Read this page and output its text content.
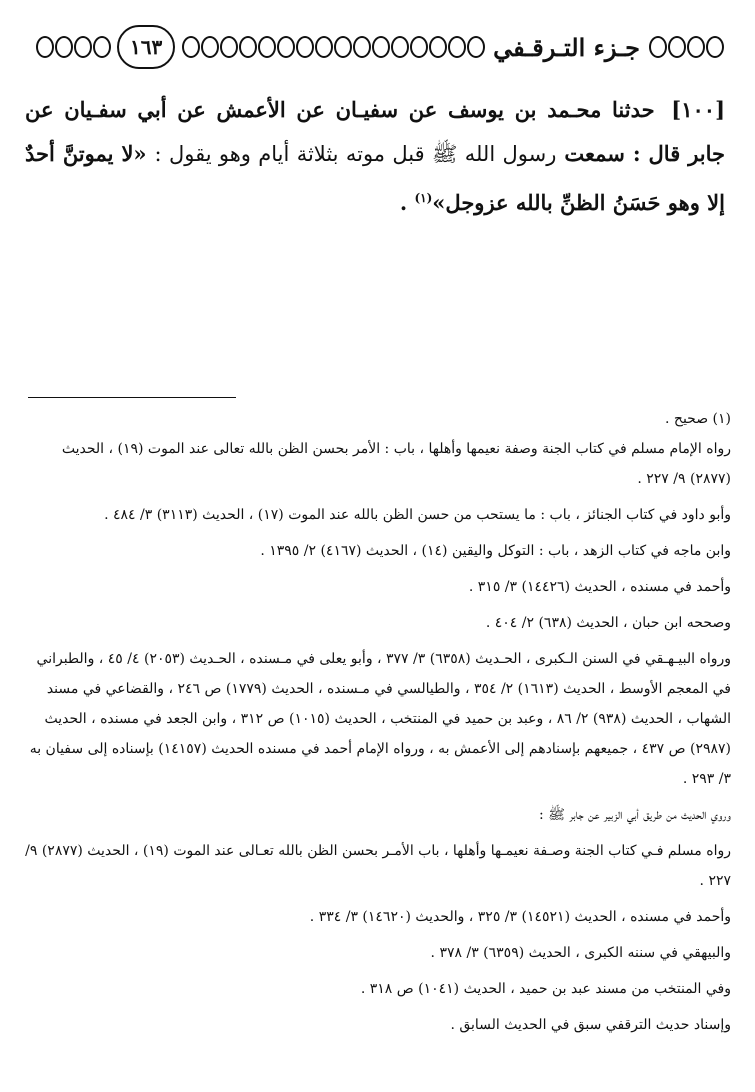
جـزء التـرقـفي
١٦٣
[١٠٠] حدثنا محـمد بن يوسف عن سفيـان عن الأعمش عن أبي سفـيان عن جابر قال : سمعت رسول الله ﷺ قبل موته بثلاثة أيام وهو يقول : «لا يموتنَّ أحدٌ إلا وهو حَسَنُ الظنِّ بالله عزوجل»$^{(١)}$ .

(١) صحيح .

رواه الإمام مسلم في كتاب الجنة وصفة نعيمها وأهلها ، باب : الأمر بحسن الظن بالله تعالى عند الموت (١٩) ، الحديث (٢٨٧٧) ٩/ ٢٢٧ .

وأبو داود في كتاب الجنائز ، باب : ما يستحب من حسن الظن بالله عند الموت (١٧) ، الحديث (٣١١٣) ٣/ ٤٨٤ .

وابن ماجه في كتاب الزهد ، باب : التوكل واليقين (١٤) ، الحديث (٤١٦٧) ٢/ ١٣٩٥ .

وأحمد في مسنده ، الحديث (١٤٤٢٦) ٣/ ٣١٥ .

وصححه ابن حبان ، الحديث (٦٣٨) ٢/ ٤٠٤ .

ورواه البيـهـقي في السنن الـكبرى ، الحـديث (٦٣٥٨) ٣/ ٣٧٧ ، وأبو يعلى في مـسنده ، الحـديث (٢٠٥٣) ٤/ ٤٥ ، والطبراني في المعجم الأوسط ، الحديث (١٦١٣) ٢/ ٣٥٤ ، والطيالسي في مـسنده ، الحديث (١٧٧٩) ص ٢٤٦ ، والقضاعي في مسند الشهاب ، الحديث (٩٣٨) ٢/ ٨٦ ، وعبد بن حميد في المنتخب ، الحديث (١٠١٥) ص ٣١٢ ، وابن الجعد في مسنده ، الحديث (٢٩٨٧) ص ٤٣٧ ، جميعهم بإسنادهم إلى الأعمش به ، ورواه الإمام أحمد في مسنده الحديث (١٤١٥٧) بإسناده إلى سفيان به ٣/ ٢٩٣ .

وروي الحديث من طريق أبي الزبير عن جابر ﷺ :

رواه مسلم فـي كتاب الجنة وصـفة نعيمـها وأهلها ، باب الأمـر بحسن الظن بالله تعـالى عند الموت (١٩) ، الحديث (٢٨٧٧) ٩/ ٢٢٧ .

وأحمد في مسنده ، الحديث (١٤٥٢١) ٣/ ٣٢٥ ، والحديث (١٤٦٢٠) ٣/ ٣٣٤ .

والبيهقي في سننه الكبرى ، الحديث (٦٣٥٩) ٣/ ٣٧٨ .

وفي المنتخب من مسند عبد بن حميد ، الحديث (١٠٤١) ص ٣١٨ .

وإسناد حديث الترقفي سبق في الحديث السابق .
